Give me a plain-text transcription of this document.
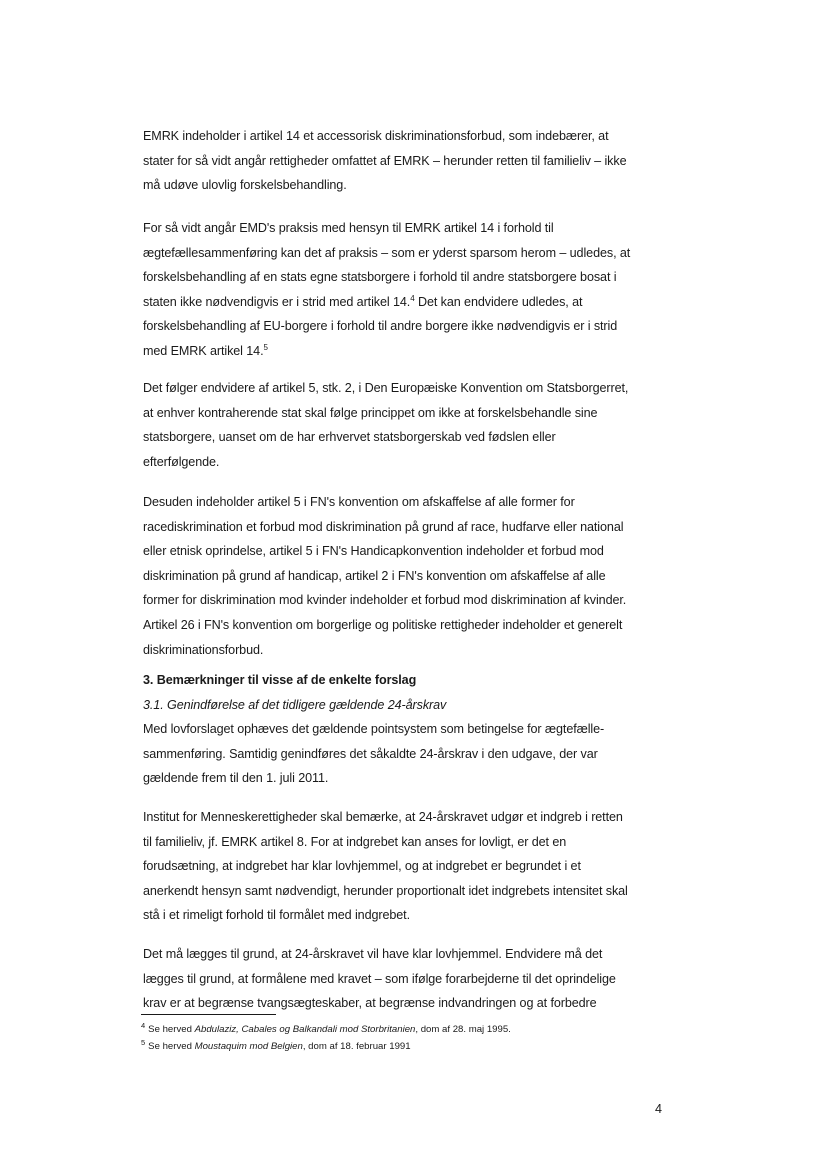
EMRK indeholder i artikel 14 et accessorisk diskriminationsforbud, som indebærer, at
stater for så vidt angår rettigheder omfattet af EMRK – herunder retten til familieliv – ikke
må udøve ulovlig forskelsbehandling.
For så vidt angår EMD's praksis med hensyn til EMRK artikel 14 i forhold til
ægtefællesammenføring kan det af praksis – som er yderst sparsom herom – udledes, at
forskelsbehandling af en stats egne statsborgere i forhold til andre statsborgere bosat i
staten ikke nødvendigvis er i strid med artikel 14.$^4$ Det kan endvidere udledes, at
forskelsbehandling af EU-borgere i forhold til andre borgere ikke nødvendigvis er i strid
med EMRK artikel 14.$^5$
Det følger endvidere af artikel 5, stk. 2, i Den Europæiske Konvention om Statsborgerret,
at enhver kontraherende stat skal følge princippet om ikke at forskelsbehandle sine
statsborgere, uanset om de har erhvervet statsborgerskab ved fødslen eller
efterfølgende.
Desuden indeholder artikel 5 i FN's konvention om afskaffelse af alle former for
racediskrimination et forbud mod diskrimination på grund af race, hudfarve eller national
eller etnisk oprindelse, artikel 5 i FN's Handicapkonvention indeholder et forbud mod
diskrimination på grund af handicap, artikel 2 i FN's konvention om afskaffelse af alle
former for diskrimination mod kvinder indeholder et forbud mod diskrimination af kvinder.
Artikel 26 i FN's konvention om borgerlige og politiske rettigheder indeholder et generelt
diskriminationsforbud.
3. Bemærkninger til visse af de enkelte forslag
3.1. Genindførelse af det tidligere gældende 24-årskrav
Med lovforslaget ophæves det gældende pointsystem som betingelse for ægtefælle-
sammenføring. Samtidig genindføres det såkaldte 24-årskrav i den udgave, der var
gældende frem til den 1. juli 2011.
Institut for Menneskerettigheder skal bemærke, at 24-årskravet udgør et indgreb i retten
til familieliv, jf. EMRK artikel 8. For at indgrebet kan anses for lovligt, er det en
forudsætning, at indgrebet har klar lovhjemmel, og at indgrebet er begrundet i et
anerkendt hensyn samt nødvendigt, herunder proportionalt idet indgrebets intensitet skal
stå i et rimeligt forhold til formålet med indgrebet.
Det må lægges til grund, at 24-årskravet vil have klar lovhjemmel. Endvidere må det
lægges til grund, at formålene med kravet – som ifølge forarbejderne til det oprindelige
krav er at begrænse tvangsægteskaber, at begrænse indvandringen og at forbedre
$^4$ Se herved Abdulaziz, Cabales og Balkandali mod Storbritanien, dom af 28. maj 1995.
$^5$ Se herved Moustaquim mod Belgien, dom af 18. februar 1991
4
